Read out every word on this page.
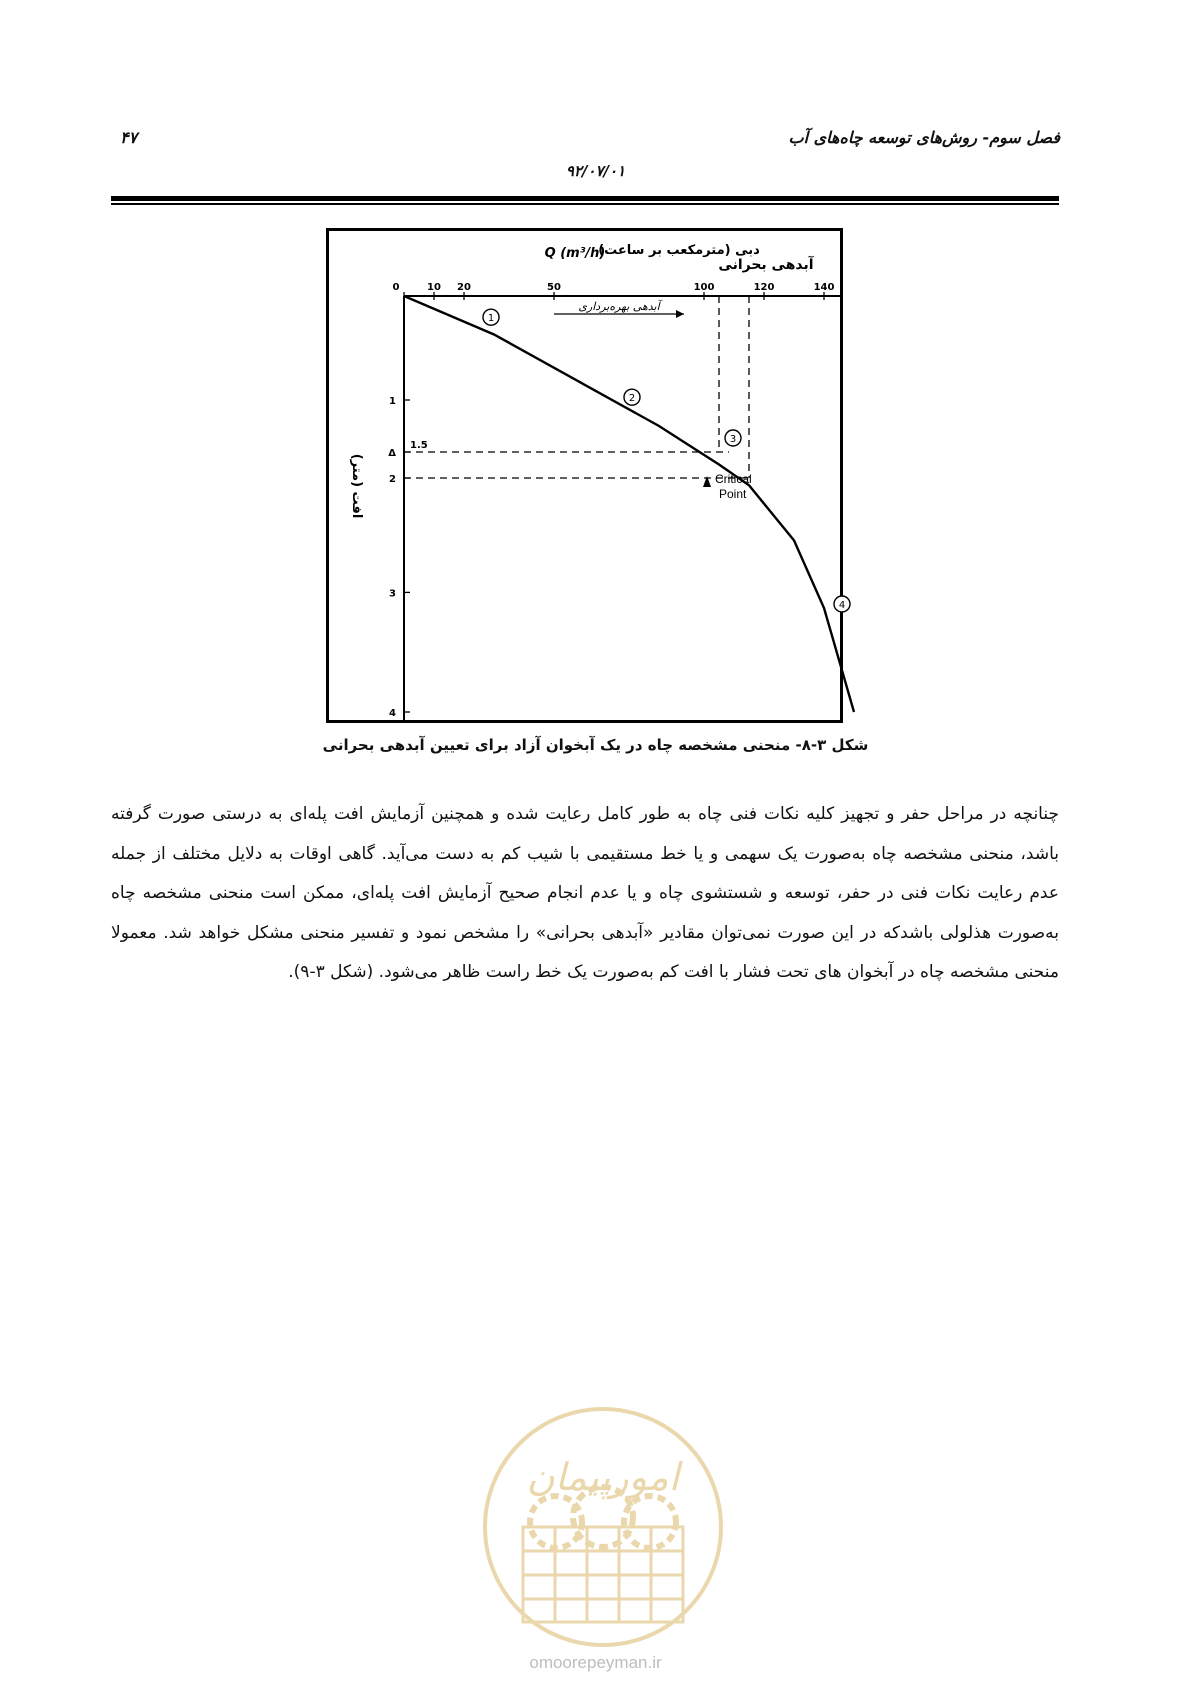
فصل سوم- روش‌های توسعه چاه‌های آب
۴۷
۹۲/۰۷/۰۱
Q (m³/h)
دبی (مترمکعب بر ساعت)
آبدهی بحرانی
آبدهی بهره‌برداری
افت (متر)
0	10 20	50	100	120	140
1
Δ
2
3
4
1.5
1
2
3
4
Critical
Point
شکل ۳-۸- منحنی مشخصه چاه در یک آبخوان آزاد برای تعیین آبدهی بحرانی

چنانچه در مراحل حفر و تجهیز کلیه نکات فنی چاه به طور کامل رعایت شده و همچنین آزمایش افت پله‌ای به درستی صورت گرفته باشد، منحنی مشخصه چاه به‌صورت یک سهمی و یا خط مستقیمی با شیب کم به دست می‌آید. گاهی اوقات به دلایل مختلف از جمله عدم رعایت نکات فنی در حفر، توسعه و شستشوی چاه و یا عدم انجام صحیح آزمایش افت پله‌ای، ممکن است منحنی مشخصه چاه به‌صورت هذلولی باشدکه در این صورت نمی‌توان مقادیر «آبدهی بحرانی» را مشخص نمود و تفسیر منحنی مشکل خواهد شد. معمولا منحنی مشخصه چاه در آبخوان های تحت فشار با افت کم به‌صورت یک خط راست ظاهر می‌شود. (شکل ۳-۹).

امورپیمان
omoorepeyman.ir
